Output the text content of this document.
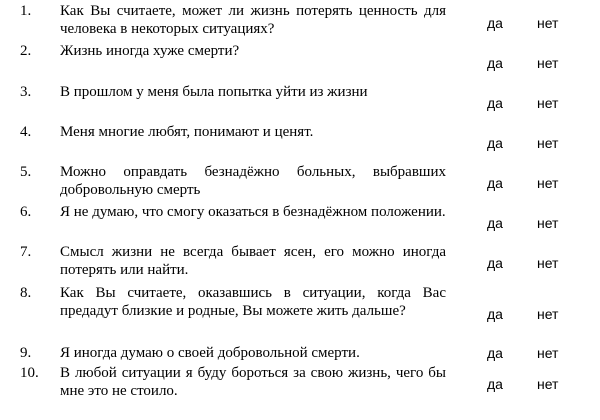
1. Как Вы считаете, может ли жизнь потерять ценность для человека в некоторых ситуациях?	да нет
2. Жизнь иногда хуже смерти?
да нет
3. В прошлом у меня была попытка уйти из жизни
да нет
4. Меня многие любят, понимают и ценят.
да нет
5. Можно оправдать безнадёжно больных, выбравших добровольную смерть	да нет
6. Я не думаю, что смогу оказаться в безнадёжном положении.
да нет
7. Смысл жизни не всегда бывает ясен, его можно иногда потерять или найти.	да нет
8. Как Вы считаете, оказавшись в ситуации, когда Вас предадут близкие и родные, Вы можете жить дальше?	да нет
9. Я иногда думаю о своей добровольной смерти.	да нет
10. В любой ситуации я буду бороться за свою жизнь, чего бы мне это не стоило.	да нет
